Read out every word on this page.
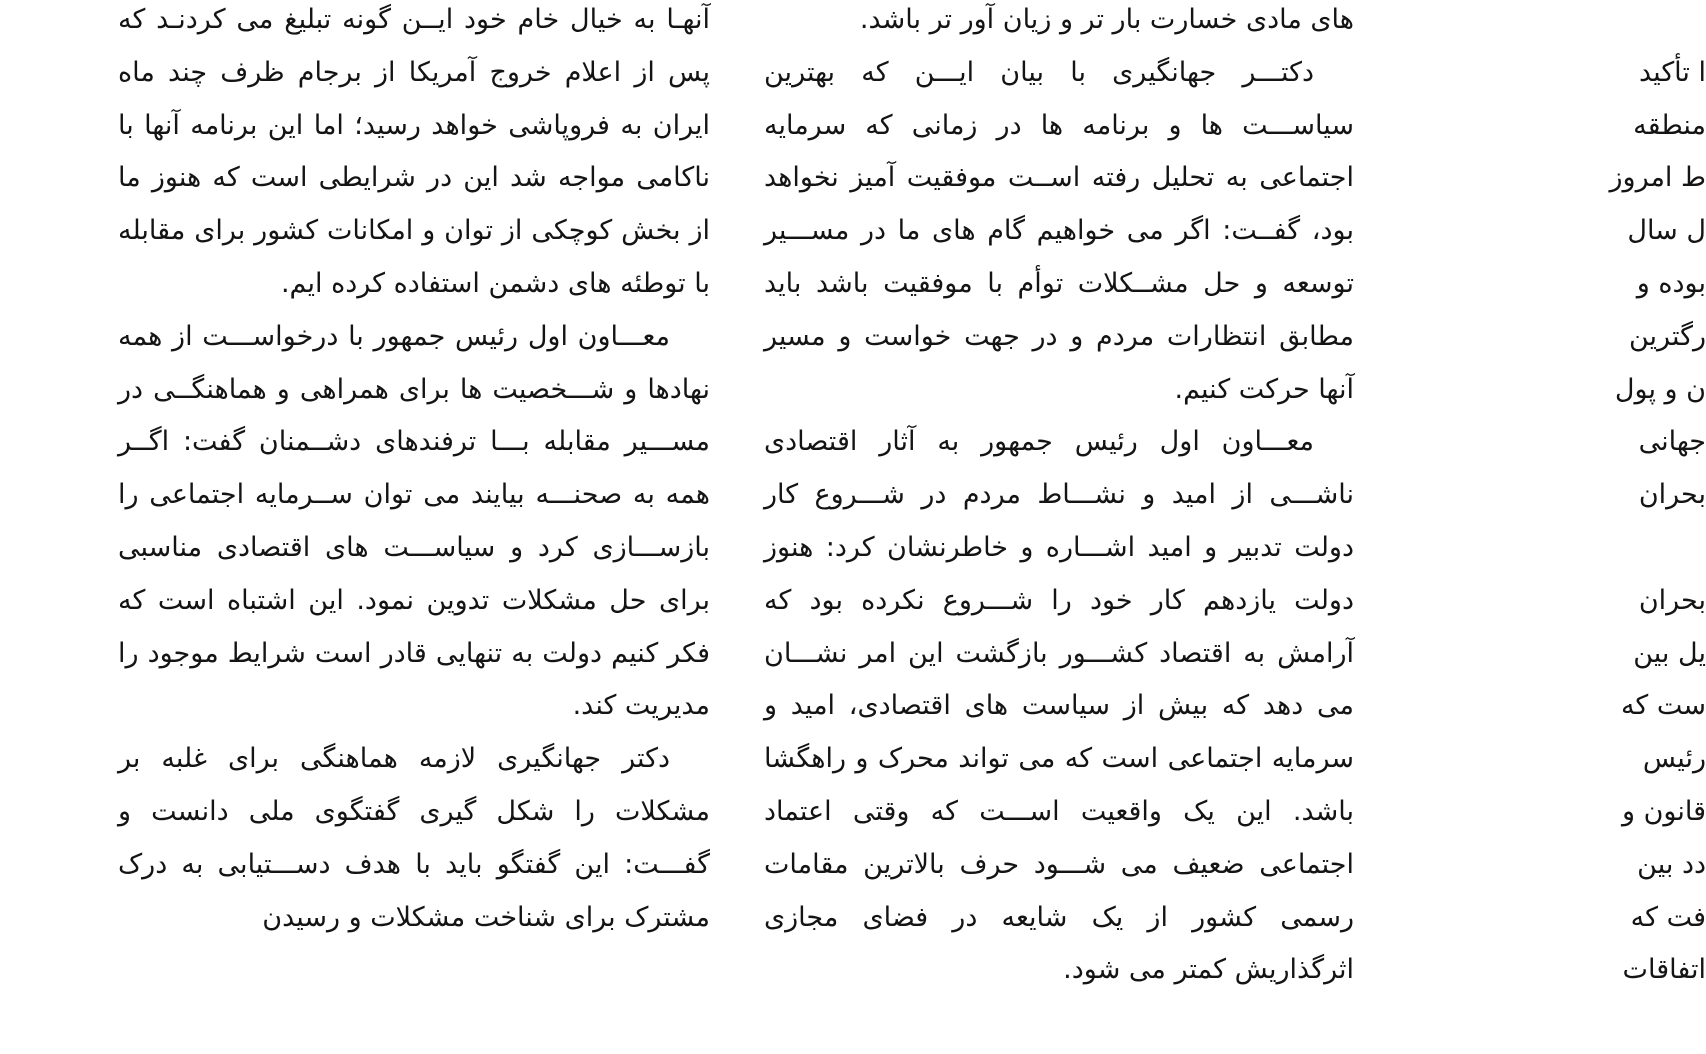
آنهـا به خیال خام خود ایــن گونه تبلیغ می کردنـد که پس از اعلام خروج آمریکا از برجام ظرف چند ماه ایران به فروپاشی خواهد رسید؛ اما این برنامه آنها با ناکامی مواجه شد این در شرایطی است که هنوز ما از بخش کوچکی از توان و امکانات کشور برای مقابله با توطئه های دشمن استفاده کرده ایم.

معـــاون اول رئیس جمهور با درخواســـت از همه نهادها و شـــخصیت ها برای همراهی و هماهنگــی در مســـیر مقابله بـــا ترفندهای دشــمنان گفت: اگــر همه به صحنـــه بیایند می توان ســرمایه اجتماعی را بازســـازی کرد و سیاســـت های اقتصادی مناسبی برای حل مشکلات تدوین نمود. این اشتباه است که فکر کنیم دولت به تنهایی قادر است شرایط موجود را مدیریت کند.

دکتر جهانگیری لازمه هماهنگی برای غلبه بر مشکلات را شکل گیری گفتگوی ملی دانست و گفـــت: این گفتگو باید با هدف دســـتیابی به درک مشترک برای شناخت مشکلات و رسیدن

های مادی خسارت بار تر و زیان آور تر باشد.

دکتـــر جهانگیری با بیان ایـــن که بهترین سیاســـت ها و برنامه ها در زمانی که سرمایه اجتماعی به تحلیل رفته اســت موفقیت آمیز نخواهد بود، گفــت: اگر می خواهیم گام های ما در مســـیر توسعه و حل مشــکلات توأم با موفقیت باشد باید مطابق انتظارات مردم و در جهت خواست و مسیر آنها حرکت کنیم.

معـــاون اول رئیس جمهور به آثار اقتصادی ناشـــی از امید و نشـــاط مردم در شـــروع کار دولت تدبیر و امید اشـــاره و خاطرنشان کرد: هنوز دولت یازدهم کار خود را شـــروع نکرده بود که آرامش به اقتصاد کشـــور بازگشت این امر نشـــان می دهد که بیش از سیاست های اقتصادی، امید و سرمایه اجتماعی است که می تواند محرک و راهگشا باشد. این یک واقعیت اســـت که وقتی اعتماد اجتماعی ضعیف می شـــود حرف بالاترین مقامات رسمی کشور از یک شایعه در فضای مجازی اثرگذاریش کمتر می شود.

ا تأکید
منطقه
ط امروز
ل سال
بوده و
رگترین
ن و پول
جهانی
بحران
بحران
یل بین
ست که
رئیس
قانون و
دد بین
فت که
اتفاقات
